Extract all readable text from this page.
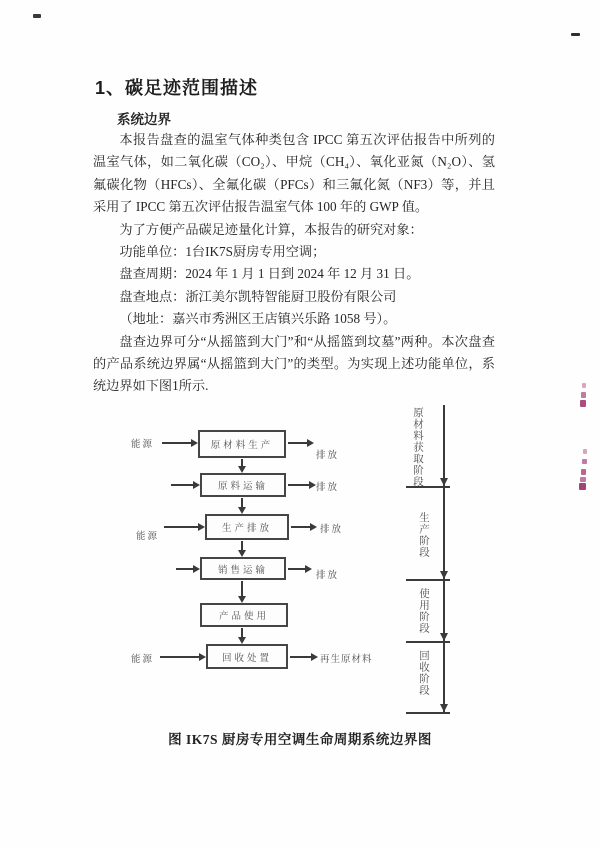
1、碳足迹范围描述
系统边界

本报告盘查的温室气体种类包含 IPCC 第五次评估报告中所列的温室气体，如二氧化碳（CO₂）、甲烷（CH₄）、氧化亚氮（N₂O）、氢氟碳化物（HFCs）、全氟化碳（PFCs）和三氟化氮（NF3）等，并且采用了 IPCC 第五次评估报告温室气体 100 年的 GWP 值。

为了方便产品碳足迹量化计算，本报告的研究对象：

功能单位：1台IK7S厨房专用空调；

盘查周期：2024 年 1 月 1 日到 2024 年 12 月 31 日。

盘查地点：浙江美尔凯特智能厨卫股份有限公司

（地址：嘉兴市秀洲区王店镇兴乐路 1058 号）。

盘查边界可分“从摇篮到大门”和“从摇篮到坟墓”两种。本次盘查的产品系统边界属“从摇篮到大门”的类型。为实现上述功能单位，系统边界如下图1所示.

原材料生产
原料运输
生产排放
销售运输
产品使用
回收处置
能源
能源
能源
排放
排放
排放
排放
再生原材料
原材料获取阶段
生产阶段
使用阶段
回收阶段

图 IK7S 厨房专用空调生命周期系统边界图
